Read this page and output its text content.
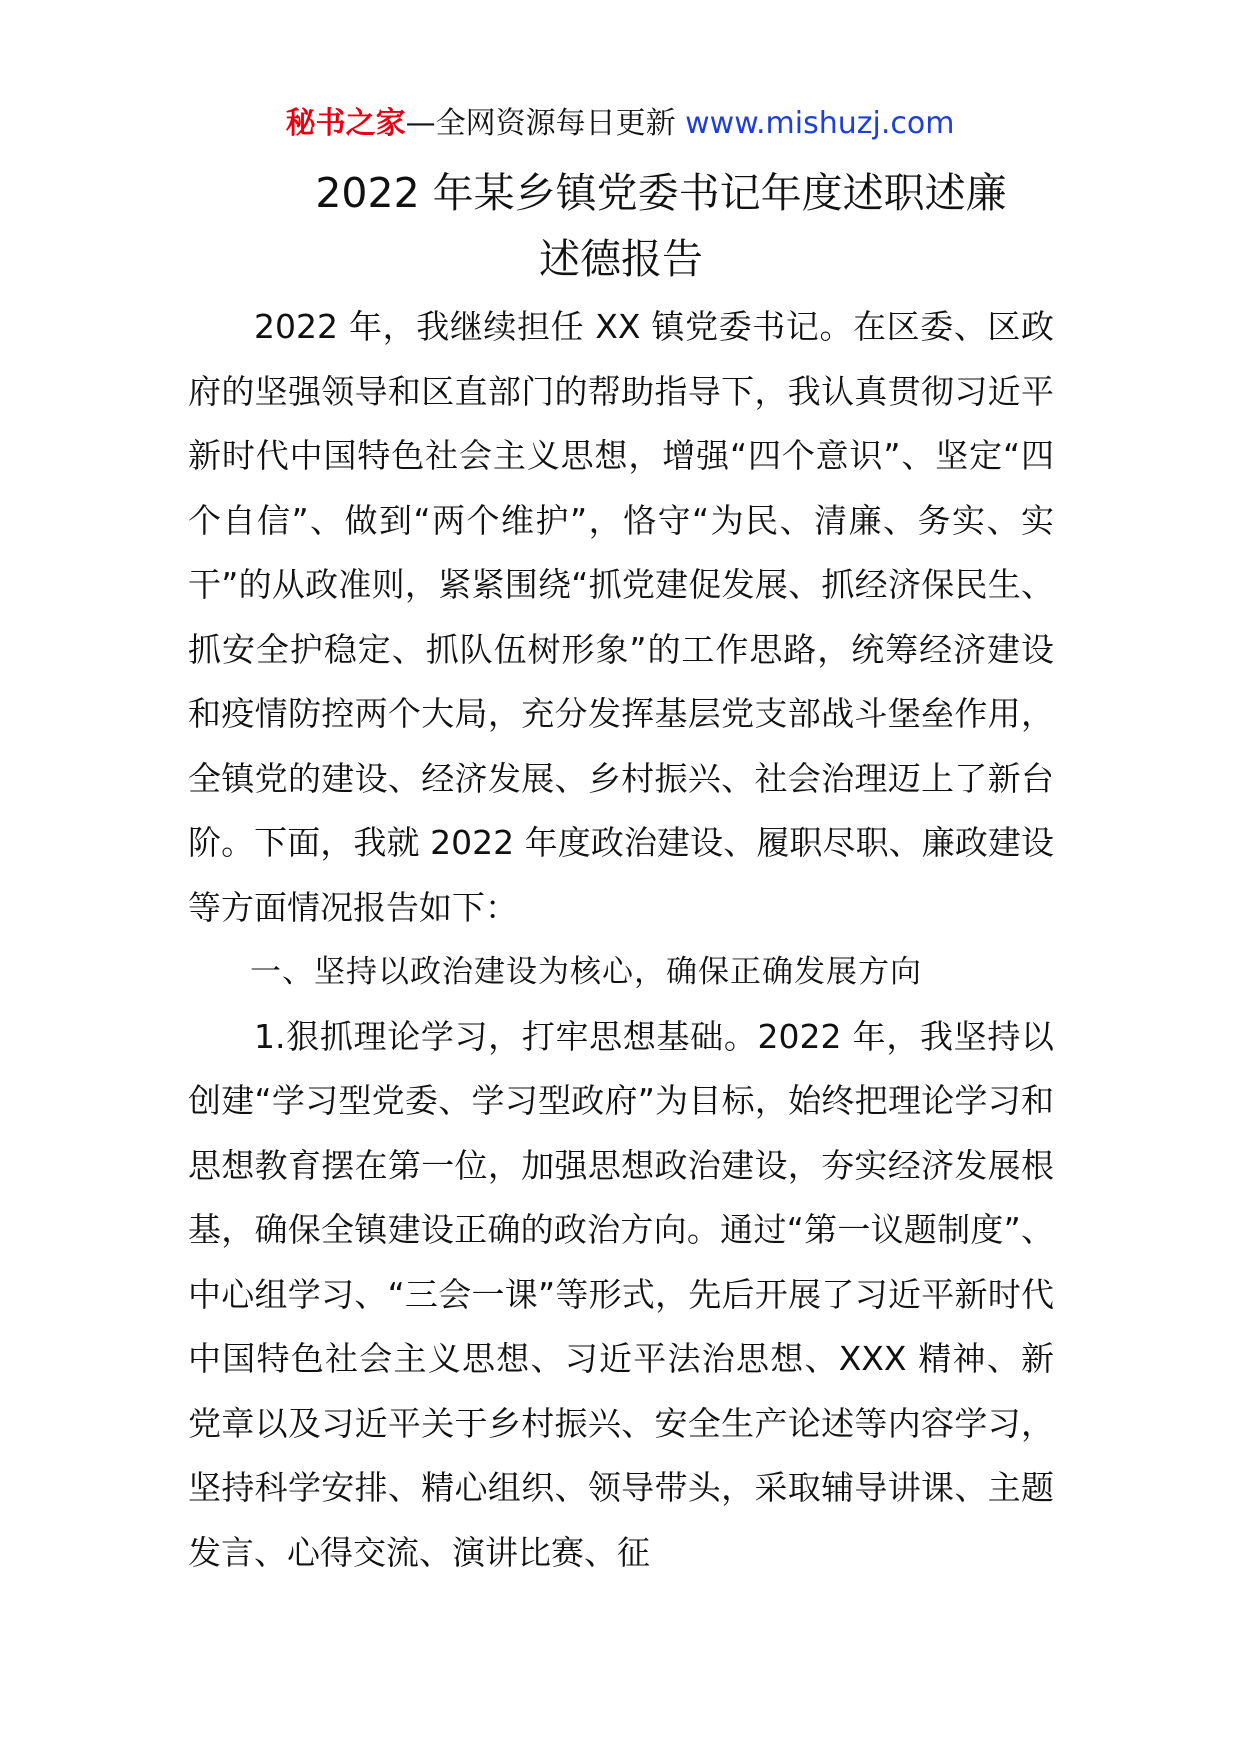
秘书之家—全网资源每日更新 www.mishuzj.com
2022 年某乡镇党委书记年度述职述廉
述德报告

2022 年，我继续担任 XX 镇党委书记。在区委、区政府的坚强领导和区直部门的帮助指导下，我认真贯彻习近平新时代中国特色社会主义思想，增强“四个意识”、坚定“四个自信”、做到“两个维护”，恪守“为民、清廉、务实、实干”的从政准则，紧紧围绕“抓党建促发展、抓经济保民生、抓安全护稳定、抓队伍树形象”的工作思路，统筹经济建设和疫情防控两个大局，充分发挥基层党支部战斗堡垒作用，全镇党的建设、经济发展、乡村振兴、社会治理迈上了新台阶。下面，我就 2022 年度政治建设、履职尽职、廉政建设等方面情况报告如下：

一、坚持以政治建设为核心，确保正确发展方向

1.狠抓理论学习，打牢思想基础。2022 年，我坚持以创建“学习型党委、学习型政府”为目标，始终把理论学习和思想教育摆在第一位，加强思想政治建设，夯实经济发展根基，确保全镇建设正确的政治方向。通过“第一议题制度”、中心组学习、“三会一课”等形式，先后开展了习近平新时代中国特色社会主义思想、习近平法治思想、XXX 精神、新党章以及习近平关于乡村振兴、安全生产论述等内容学习，坚持科学安排、精心组织、领导带头，采取辅导讲课、主题发言、心得交流、演讲比赛、征
